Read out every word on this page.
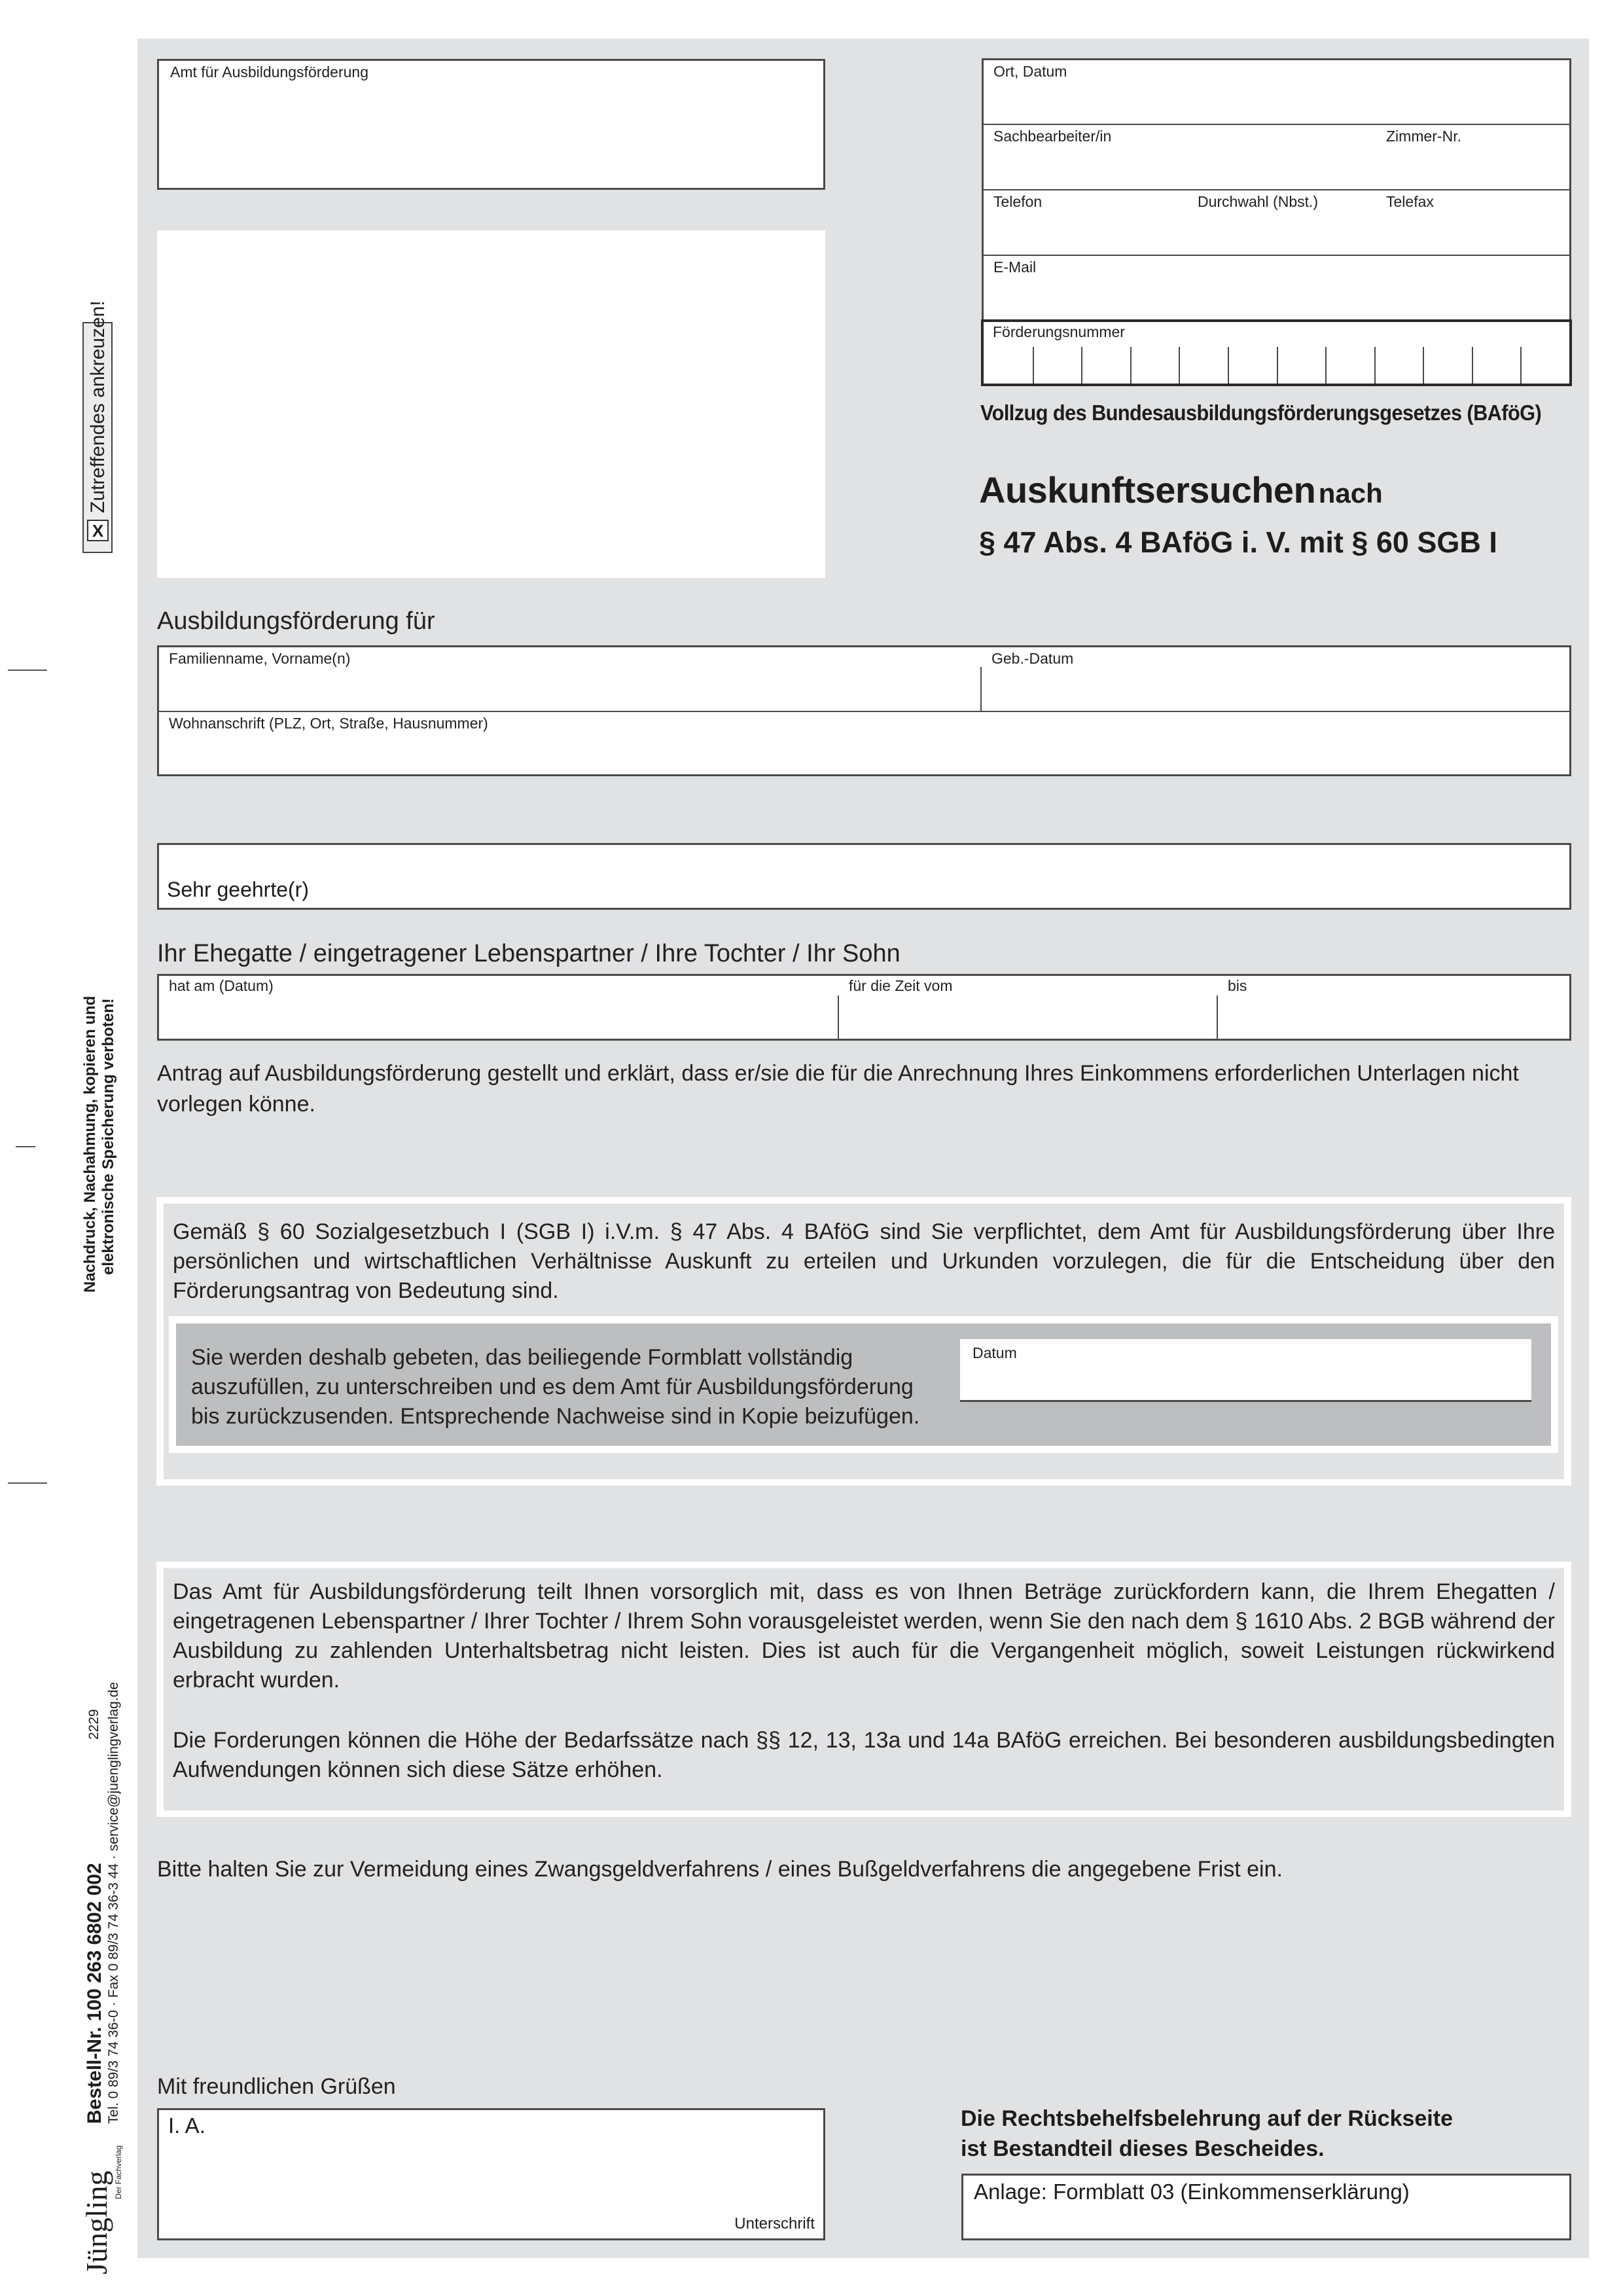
X
Zutreffendes ankreuzen!
Nachdruck, Nachahmung, kopieren und elektronische Speicherung verboten!
Bestell-Nr. 100 263 6802 002 Tel. 0 89/3 74 36-0 · Fax 0 89/3 74 36-3 44 · service@juenglingverlag.de
2229
Jüngling Der Fachverlag
Amt für Ausbildungsförderung	Ort, Datum
Sachbearbeiter/in	Zimmer-Nr.
Telefon	Durchwahl (Nbst.)	Telefax
E-Mail
Förderungsnummer
Vollzug des Bundesausbildungsförderungsgesetzes (BAföG)
Auskunftsersuchen nach
§ 47 Abs. 4 BAföG i. V. mit § 60 SGB I
Ausbildungsförderung für
Familienname, Vorname(n)	Geb.-Datum
Wohnanschrift (PLZ, Ort, Straße, Hausnummer)
Sehr geehrte(r)
Ihr Ehegatte / eingetragener Lebenspartner / Ihre Tochter / Ihr Sohn
hat am (Datum)	für die Zeit vom	bis
Antrag auf Ausbildungsförderung gestellt und erklärt, dass er/sie die für die Anrechnung Ihres Einkommens erforderlichen Unterlagen nicht vorlegen könne.
Gemäß § 60 Sozialgesetzbuch I (SGB I) i.V.m. § 47 Abs. 4 BAföG sind Sie verpflichtet, dem Amt für Ausbildungsförderung über Ihre persönlichen und wirtschaftlichen Verhältnisse Auskunft zu erteilen und Urkunden vorzulegen, die für die Entscheidung über den Förderungsantrag von Bedeutung sind.
Sie werden deshalb gebeten, das beiliegende Formblatt vollständig auszufüllen, zu unterschreiben und es dem Amt für Ausbildungsförderung bis zurückzusenden. Entsprechende Nachweise sind in Kopie beizufügen.
Datum
Das Amt für Ausbildungsförderung teilt Ihnen vorsorglich mit, dass es von Ihnen Beträge zurückfordern kann, die Ihrem Ehegatten / eingetragenen Lebenspartner / Ihrer Tochter / Ihrem Sohn vorausgeleistet werden, wenn Sie den nach dem § 1610 Abs. 2 BGB während der Ausbildung zu zahlenden Unterhaltsbetrag nicht leisten. Dies ist auch für die Vergangenheit möglich, soweit Leistungen rückwirkend erbracht wurden.
Die Forderungen können die Höhe der Bedarfssätze nach §§ 12, 13, 13a und 14a BAföG erreichen. Bei besonderen ausbildungsbedingten Aufwendungen können sich diese Sätze erhöhen.
Bitte halten Sie zur Vermeidung eines Zwangsgeldverfahrens / eines Bußgeldverfahrens die angegebene Frist ein.
Mit freundlichen Grüßen
I. A.
Unterschrift
Die Rechtsbehelfsbelehrung auf der Rückseite
ist Bestandteil dieses Bescheides.
Anlage: Formblatt 03 (Einkommenserklärung)
